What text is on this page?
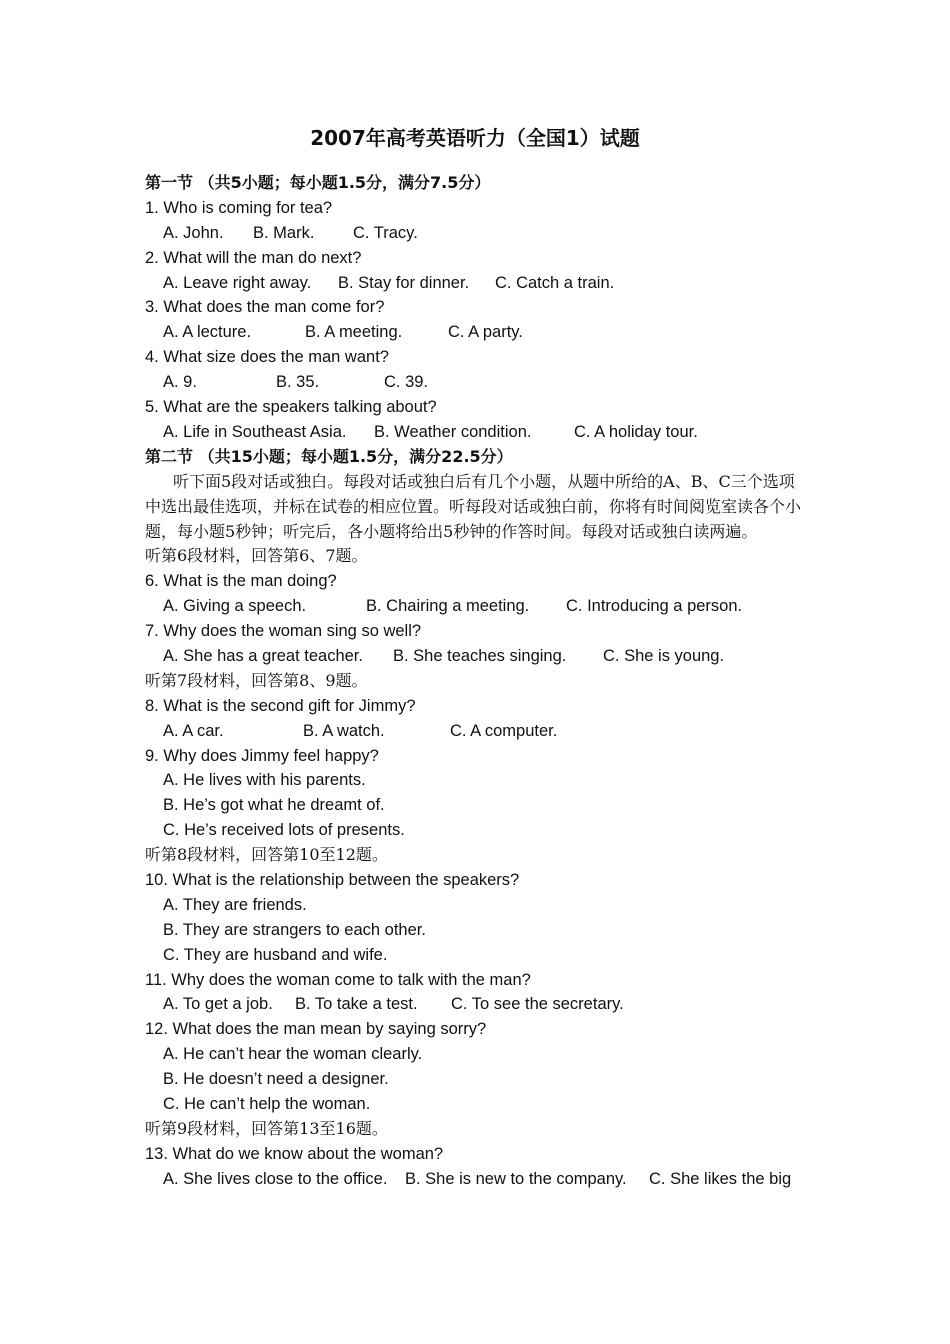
2007年高考英语听力（全国1）试题
第一节 （共5小题；每小题1.5分，满分7.5分）
1. Who is coming for tea?
A. John. B. Mark. C. Tracy.
2. What will the man do next?
A. Leave right away. B. Stay for dinner. C. Catch a train.
3. What does the man come for?
A. A lecture.	B. A meeting.	C. A party.
4. What size does the man want?
A. 9.	B. 35.	C. 39.
5. What are the speakers talking about?
A. Life in Southeast Asia. B. Weather condition.	C. A holiday tour.
第二节 （共15小题；每小题1.5分，满分22.5分）
听下面5段对话或独白。每段对话或独白后有几个小题，从题中所给的A、B、C三个选项中选出最佳选项，并标在试卷的相应位置。听每段对话或独白前，你将有时间阅览室读各个小题，每小题5秒钟；听完后，各小题将给出5秒钟的作答时间。每段对话或独白读两遍。
听第6段材料，回答第6、7题。
6. What is the man doing?
A. Giving a speech.	B. Chairing a meeting. C. Introducing a person.
7. Why does the woman sing so well?
A. She has a great teacher. B. She teaches singing. C. She is young.
听第7段材料，回答第8、9题。
8. What is the second gift for Jimmy?
A. A car.	B. A watch.	C. A computer.
9. Why does Jimmy feel happy?
A. He lives with his parents.
B. He’s got what he dreamt of.
C. He’s received lots of presents.
听第8段材料，回答第10至12题。
10. What is the relationship between the speakers?
A. They are friends.
B. They are strangers to each other.
C. They are husband and wife.
11. Why does the woman come to talk with the man?
A. To get a job. B. To take a test. C. To see the secretary.
12. What does the man mean by saying sorry?
A. He can’t hear the woman clearly.
B. He doesn’t need a designer.
C. He can’t help the woman.
听第9段材料，回答第13至16题。
13. What do we know about the woman?
A. She lives close to the office. B. She is new to the company. C. She likes the big
